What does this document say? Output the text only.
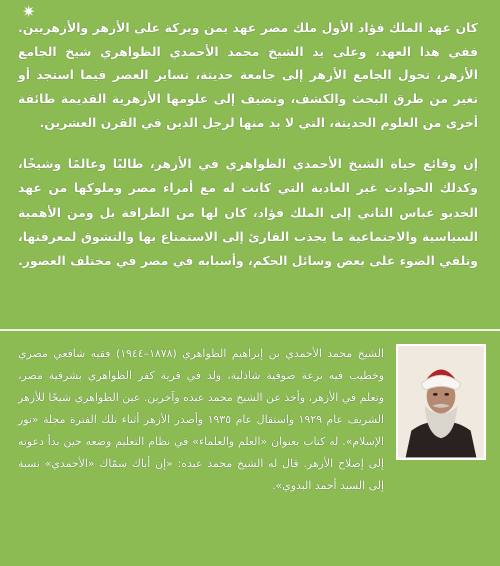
✷

كان عهد الملك فؤاد الأول ملك مصر عهد يمن وبركة على الأزهر والأزهريين. ففي هذا العهد، وعلى يد الشيخ محمد الأحمدي الظواهري شيخ الجامع الأزهر، تحول الجامع الأزهر إلى جامعة حديثة، تساير العصر فيما استجد أو تغير من طرق البحث والكشف، وتضيف إلى علومها الأزهرية القديمة طائفة أخرى من العلوم الحديثة، التي لا بد منها لرجل الدين في القرن العشرين.

إن وقائع حياة الشيخ الأحمدي الظواهري في الأزهر، طالبًا وعالمًا وشيخًا، وكذلك الحوادث غير العادية التي كانت له مع أمراء مصر وملوكها من عهد الخديو عباس الثاني إلى الملك فؤاد، كان لها من الطرافة بل ومن الأهمية السياسية والاجتماعية ما يجذب القارئ إلى الاستمتاع بها والتشوق لمعرفتها، وتلقي الضوء على بعض وسائل الحكم، وأسبابه في مصر في مختلف العصور.

الشيخ محمد الأحمدي بن إبراهيم الظواهري (١٨٧٨–١٩٤٤) فقيه شافعي مصري وخطيب فيه نزعة صوفية شاذلية، ولد في قرية كفر الظواهري بشرقية مصر، وتعلم في الأزهر، وأخذ عن الشيخ محمد عبده وآخرين. عين الظواهري شيخًا للأزهر الشريف عام ١٩٢٩ واستقال عام ١٩٣٥ وأصدر الأزهر أثناء تلك الفترة مجلة «نور الإسلام». له كتاب بعنوان «العلم والعلماء» في نظام التعليم وضعه حين بدأ دعوته إلى إصلاح الأزهر. قال له الشيخ محمد عبده: «إن أباك سمّاك «الأحمدي» نسبة إلى السيد أحمد البدوي».
